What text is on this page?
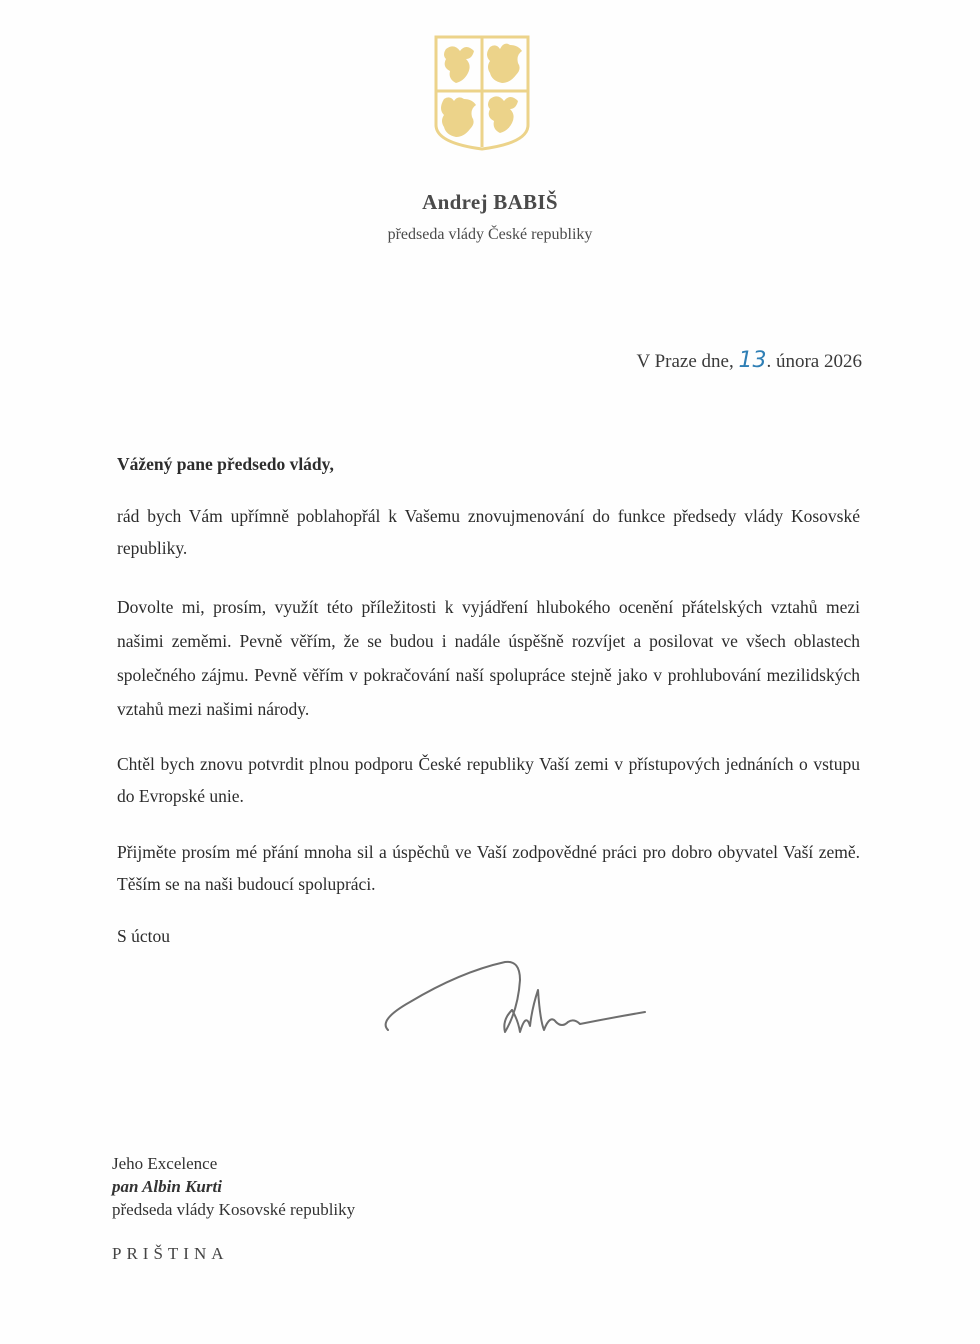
Andrej BABIŠ
předseda vlády České republiky
V Praze dne, 13. února 2026
Vážený pane předsedo vlády,
rád bych Vám upřímně poblahopřál k Vašemu znovujmenování do funkce předsedy vlády Kosovské republiky.
Dovolte mi, prosím, využít této příležitosti k vyjádření hlubokého ocenění přátelských vztahů mezi našimi zeměmi. Pevně věřím, že se budou i nadále úspěšně rozvíjet a posilovat ve všech oblastech společného zájmu. Pevně věřím v pokračování naší spolupráce stejně jako v prohlubování mezilidských vztahů mezi našimi národy.
Chtěl bych znovu potvrdit plnou podporu České republiky Vaší zemi v přístupových jednáních o vstupu do Evropské unie.
Přijměte prosím mé přání mnoha sil a úspěchů ve Vaší zodpovědné práci pro dobro obyvatel Vaší země. Těším se na naši budoucí spolupráci.
S úctou
Jeho Excelence
pan Albin Kurti
předseda vlády Kosovské republiky
PRIŠTINA
